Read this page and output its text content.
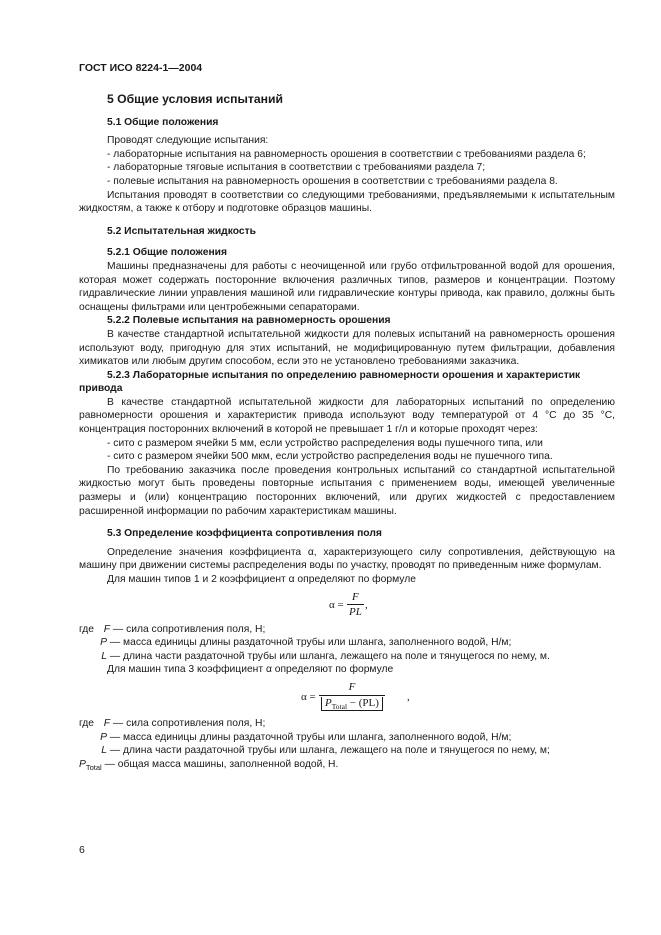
ГОСТ ИСО 8224-1—2004
5 Общие условия испытаний
5.1 Общие положения

Проводят следующие испытания:

- лабораторные испытания на равномерность орошения в соответствии с требованиями раздела 6;

- лабораторные тяговые испытания в соответствии с требованиями раздела 7;

- полевые испытания на равномерность орошения в соответствии с требованиями раздела 8.

Испытания проводят в соответствии со следующими требованиями, предъявляемыми к испытательным жидкостям, а также к отбору и подготовке образцов машины.

5.2 Испытательная жидкость
5.2.1 Общие положения

Машины предназначены для работы с неочищенной или грубо отфильтрованной водой для орошения, которая может содержать посторонние включения различных типов, размеров и концентрации. Поэтому гидравлические линии управления машиной или гидравлические контуры привода, как правило, должны быть оснащены фильтрами или центробежными сепараторами.

5.2.2 Полевые испытания на равномерность орошения

В качестве стандартной испытательной жидкости для полевых испытаний на равномерность орошения используют воду, пригодную для этих испытаний, не модифицированную путем фильтрации, добавления химикатов или любым другим способом, если это не установлено требованиями заказчика.

5.2.3 Лабораторные испытания по определению равномерности орошения и характеристик привода

В качестве стандартной испытательной жидкости для лабораторных испытаний по определению равномерности орошения и характеристик привода используют воду температурой от 4 °С до 35 °С, концентрация посторонних включений в которой не превышает 1 г/л и которые проходят через:

- сито с размером ячейки 5 мм, если устройство распределения воды пушечного типа, или

- сито с размером ячейки 500 мкм, если устройство распределения воды не пушечного типа.

По требованию заказчика после проведения контрольных испытаний со стандартной испытательной жидкостью могут быть проведены повторные испытания с применением воды, имеющей увеличенные размеры и (или) концентрацию посторонних включений, или других жидкостей с предоставлением расширенной информации по рабочим характеристикам машины.

5.3 Определение коэффициента сопротивления поля

Определение значения коэффициента α, характеризующего силу сопротивления, действующую на машину при движении системы распределения воды по участку, проводят по приведенным ниже формулам.

Для машин типов 1 и 2 коэффициент α определяют по формуле

$\alpha = \frac{F}{PL}$ ,
где F — сила сопротивления поля, Н;
P — масса единицы длины раздаточной трубы или шланга, заполненного водой, Н/м;
L — длина части раздаточной трубы или шланга, лежащего на поле и тянущегося по нему, м.

Для машин типа 3 коэффициент α определяют по формуле

α =
F
$P_{Total} - (PL)$	,
где F — сила сопротивления поля, Н;
P — масса единицы длины раздаточной трубы или шланга, заполненного водой, Н/м;
L — длина части раздаточной трубы или шланга, лежащего на поле и тянущегося по нему, м;
$P_{Total}$ — общая масса машины, заполненной водой, Н.
6
